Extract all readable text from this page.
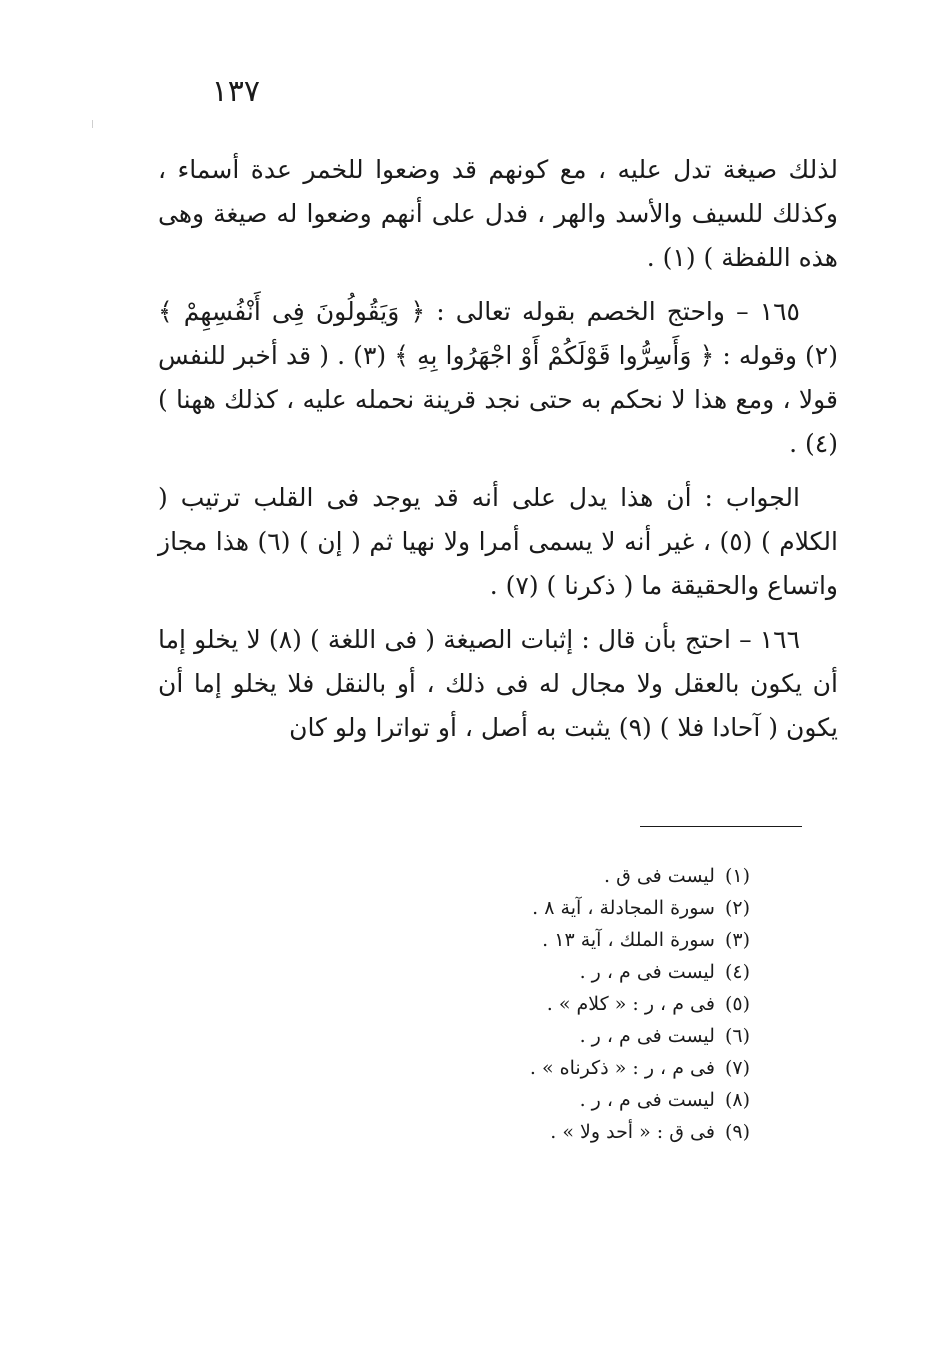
١٣٧

لذلك صيغة تدل عليه ، مع كونهم قد وضعوا للخمر عدة أسماء ، وكذلك للسيف والأسد والهر ، فدل على أنهم وضعوا له صيغة وهى هذه اللفظة ) (١) .

١٦٥ – واحتج الخصم بقوله تعالى : ﴿ وَيَقُولُونَ فِى أَنْفُسِهِمْ ﴾ (٢) وقوله : ﴿ وَأَسِرُّوا قَوْلَكُمْ أَوْ اجْهَرُوا بِهِ ﴾ (٣) . ( قد أخبر للنفس قولا ، ومع هذا لا نحكم به حتى نجد قرينة نحمله عليه ، كذلك ههنا ) (٤) .

الجواب : أن هذا يدل على أنه قد يوجد فى القلب ترتيب ( الكلام ) (٥) ، غير أنه لا يسمى أمرا ولا نهيا ثم ( إن ) (٦) هذا مجاز واتساع والحقيقة ما ( ذكرنا ) (٧) .

١٦٦ – احتج بأن قال : إثبات الصيغة ( فى اللغة ) (٨) لا يخلو إما أن يكون بالعقل ولا مجال له فى ذلك ، أو بالنقل فلا يخلو إما أن يكون ( آحادا فلا ) (٩) يثبت به أصل ، أو تواترا ولو كان

(١)ليست فى ق .
(٢)سورة المجادلة ، آية ٨ .
(٣)سورة الملك ، آية ١٣ .
(٤)ليست فى م ، ر .
(٥)فى م ، ر : « كلام » .
(٦)ليست فى م ، ر .
(٧)فى م ، ر : « ذكرناه » .
(٨)ليست فى م ، ر .
(٩)فى ق : « أحد ولا » .
